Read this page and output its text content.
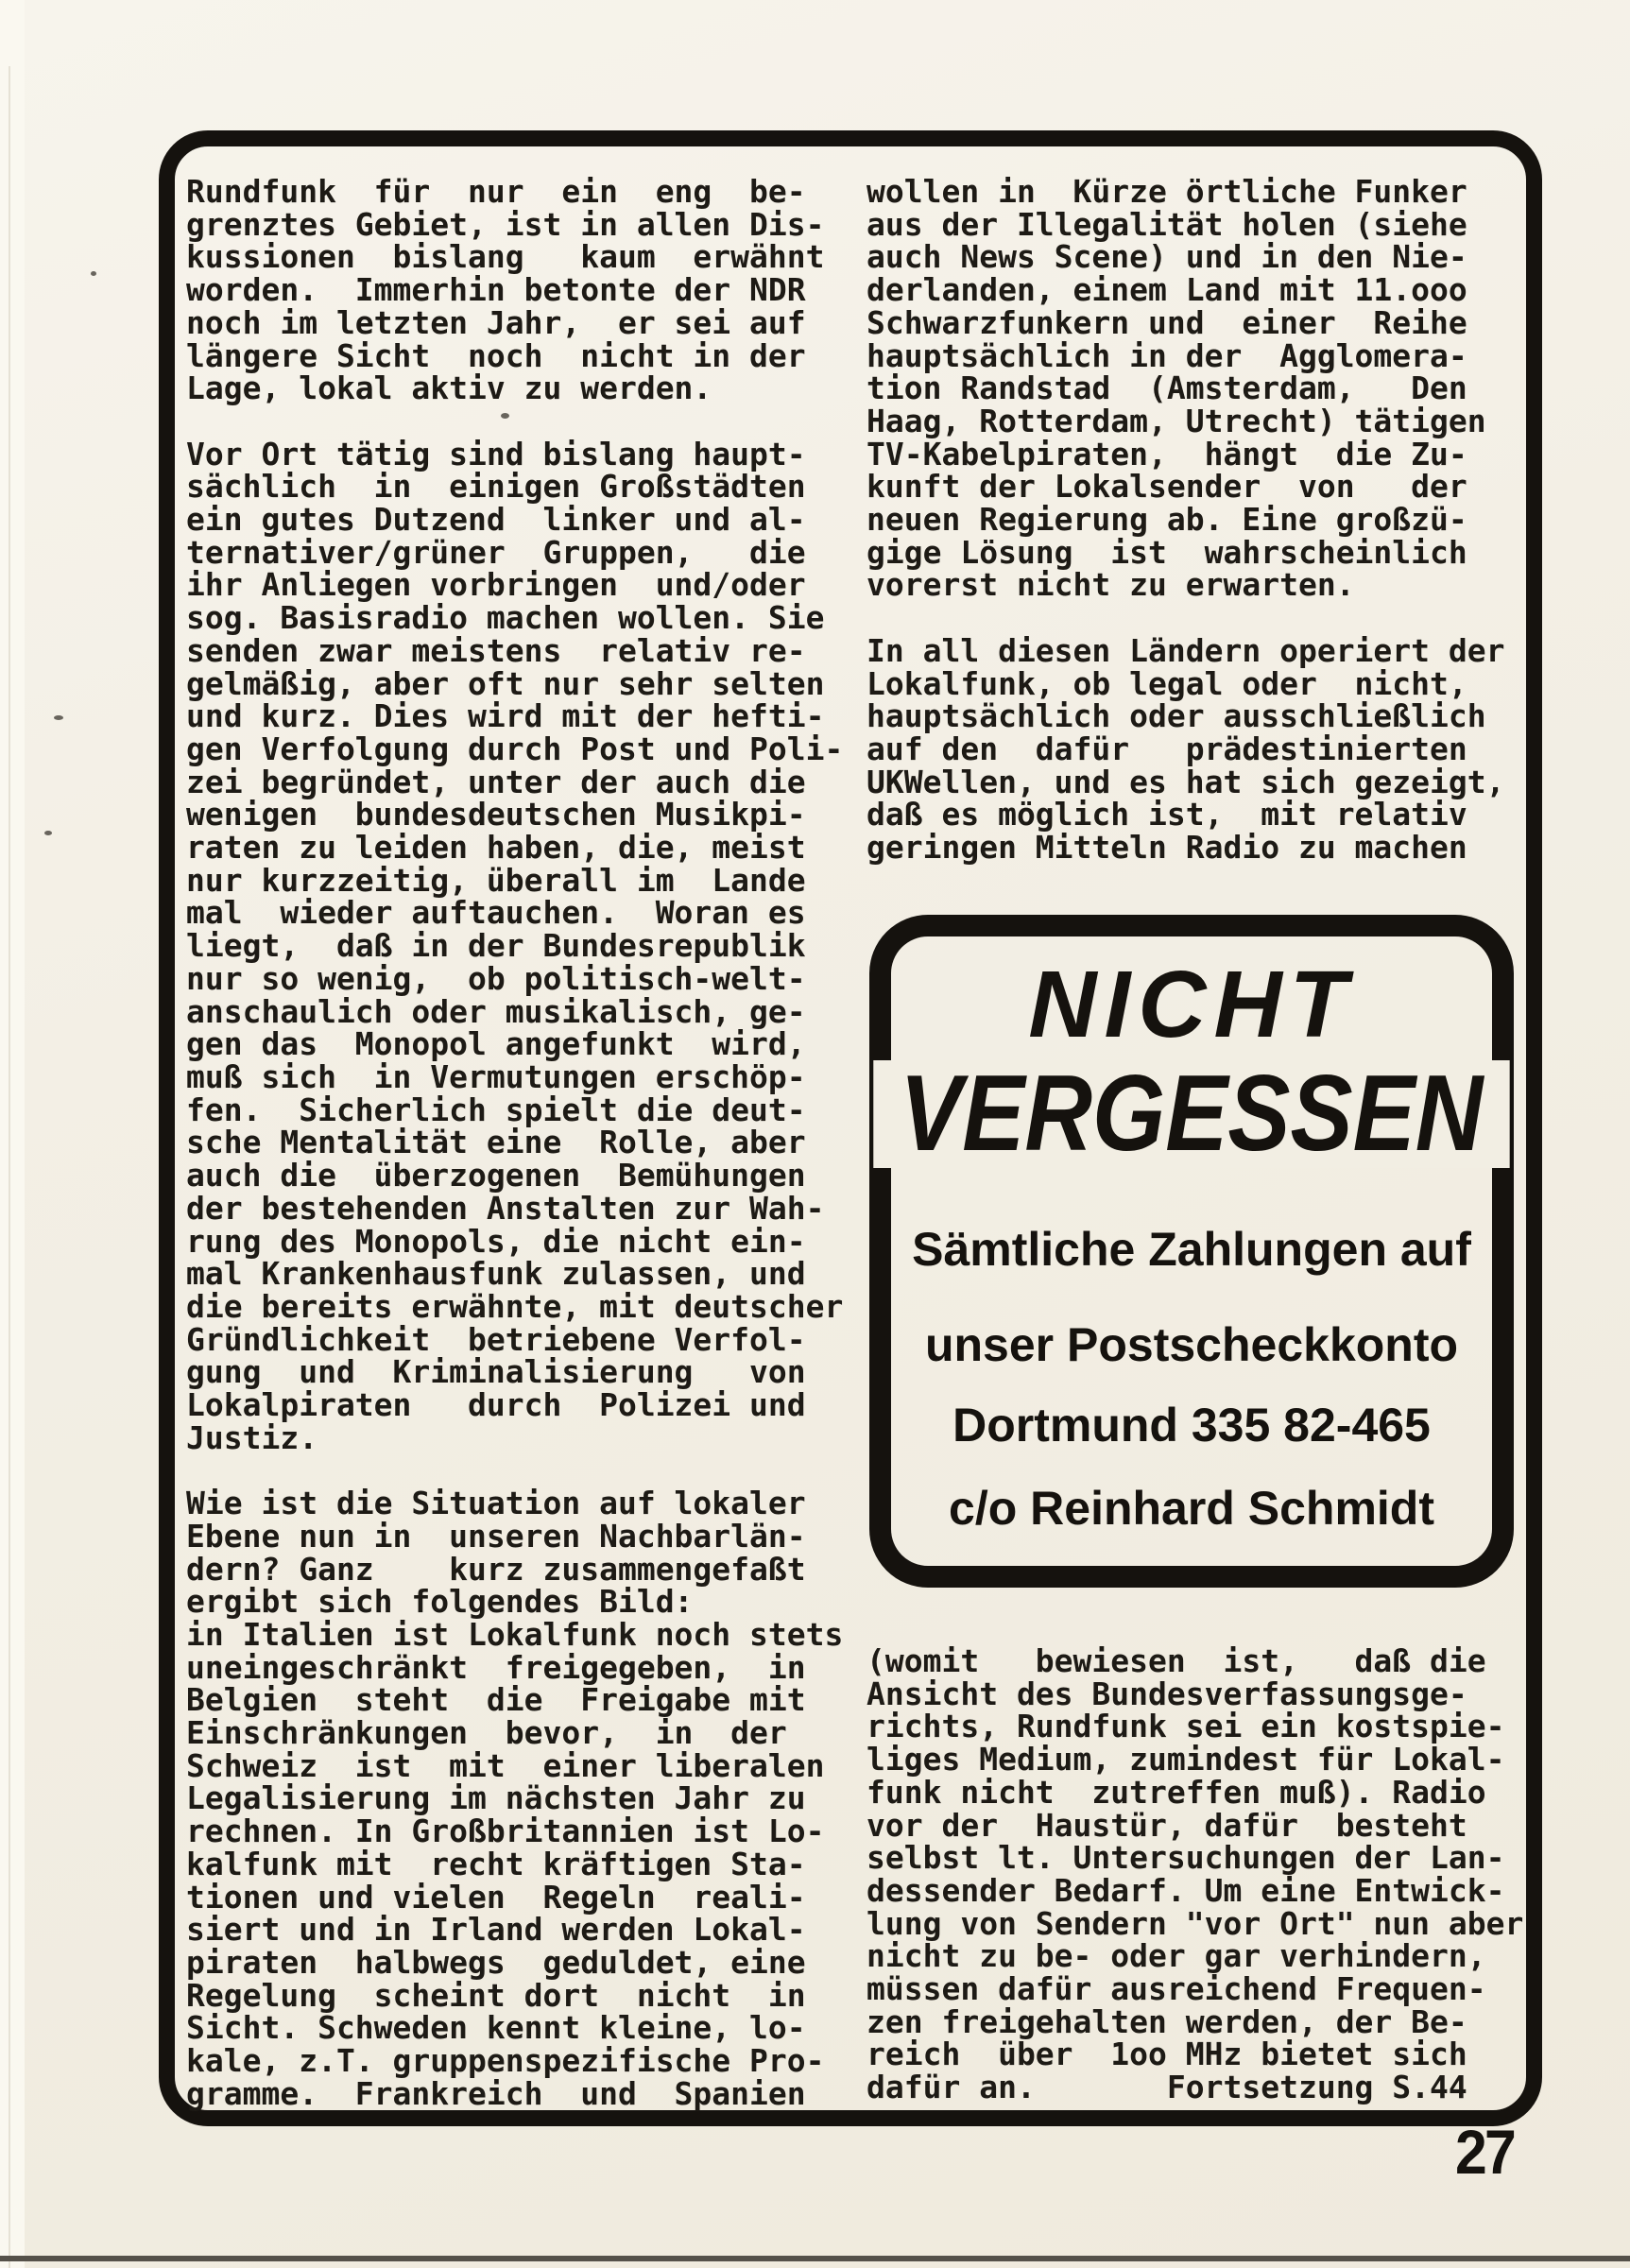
Rundfunk  für  nur  ein  eng  be-
grenztes Gebiet, ist in allen Dis-
kussionen  bislang   kaum  erwähnt
worden.  Immerhin betonte der NDR
noch im letzten Jahr,  er sei auf
längere Sicht  noch  nicht in der
Lage, lokal aktiv zu werden.

Vor Ort tätig sind bislang haupt-
sächlich  in  einigen Großstädten
ein gutes Dutzend  linker und al-
ternativer/grüner  Gruppen,   die
ihr Anliegen vorbringen  und/oder
sog. Basisradio machen wollen. Sie
senden zwar meistens  relativ re-
gelmäßig, aber oft nur sehr selten
und kurz. Dies wird mit der hefti-
gen Verfolgung durch Post und Poli-
zei begründet, unter der auch die
wenigen  bundesdeutschen Musikpi-
raten zu leiden haben, die, meist
nur kurzzeitig, überall im  Lande
mal  wieder auftauchen.  Woran es
liegt,  daß in der Bundesrepublik
nur so wenig,  ob politisch-welt-
anschaulich oder musikalisch, ge-
gen das  Monopol angefunkt  wird,
muß sich  in Vermutungen erschöp-
fen.  Sicherlich spielt die deut-
sche Mentalität eine  Rolle, aber
auch die  überzogenen  Bemühungen
der bestehenden Anstalten zur Wah-
rung des Monopols, die nicht ein-
mal Krankenhausfunk zulassen, und
die bereits erwähnte, mit deutscher
Gründlichkeit  betriebene Verfol-
gung  und  Kriminalisierung   von
Lokalpiraten   durch  Polizei und
Justiz.

Wie ist die Situation auf lokaler
Ebene nun in  unseren Nachbarlän-
dern? Ganz    kurz zusammengefaßt
ergibt sich folgendes Bild:
in Italien ist Lokalfunk noch stets
uneingeschränkt  freigegeben,  in
Belgien  steht  die  Freigabe mit
Einschränkungen  bevor,  in  der
Schweiz  ist  mit  einer liberalen
Legalisierung im nächsten Jahr zu
rechnen. In Großbritannien ist Lo-
kalfunk mit  recht kräftigen Sta-
tionen und vielen  Regeln  reali-
siert und in Irland werden Lokal-
piraten  halbwegs  geduldet, eine
Regelung  scheint dort  nicht  in
Sicht. Schweden kennt kleine, lo-
kale, z.T. gruppenspezifische Pro-
gramme.  Frankreich  und  Spanien
wollen in  Kürze örtliche Funker
aus der Illegalität holen (siehe
auch News Scene) und in den Nie-
derlanden, einem Land mit 11.ooo
Schwarzfunkern und  einer  Reihe
hauptsächlich in der  Agglomera-
tion Randstad  (Amsterdam,   Den
Haag, Rotterdam, Utrecht) tätigen
TV-Kabelpiraten,  hängt  die Zu-
kunft der Lokalsender  von   der
neuen Regierung ab. Eine großzü-
gige Lösung  ist  wahrscheinlich
vorerst nicht zu erwarten.

In all diesen Ländern operiert der
Lokalfunk, ob legal oder  nicht,
hauptsächlich oder ausschließlich
auf den  dafür   prädestinierten
UKWellen, und es hat sich gezeigt,
daß es möglich ist,  mit relativ
geringen Mitteln Radio zu machen
(womit   bewiesen  ist,   daß die
Ansicht des Bundesverfassungsge-
richts, Rundfunk sei ein kostspie-
liges Medium, zumindest für Lokal-
funk nicht  zutreffen muß). Radio
vor der  Haustür, dafür  besteht
selbst lt. Untersuchungen der Lan-
dessender Bedarf. Um eine Entwick-
lung von Sendern "vor Ort" nun aber
nicht zu be- oder gar verhindern,
müssen dafür ausreichend Frequen-
zen freigehalten werden, der Be-
reich  über  1oo MHz bietet sich
dafür an.       Fortsetzung S.44
NICHT
VERGESSEN
Sämtliche Zahlungen auf
unser Postscheckkonto
Dortmund 335 82-465
c/o Reinhard Schmidt
27
